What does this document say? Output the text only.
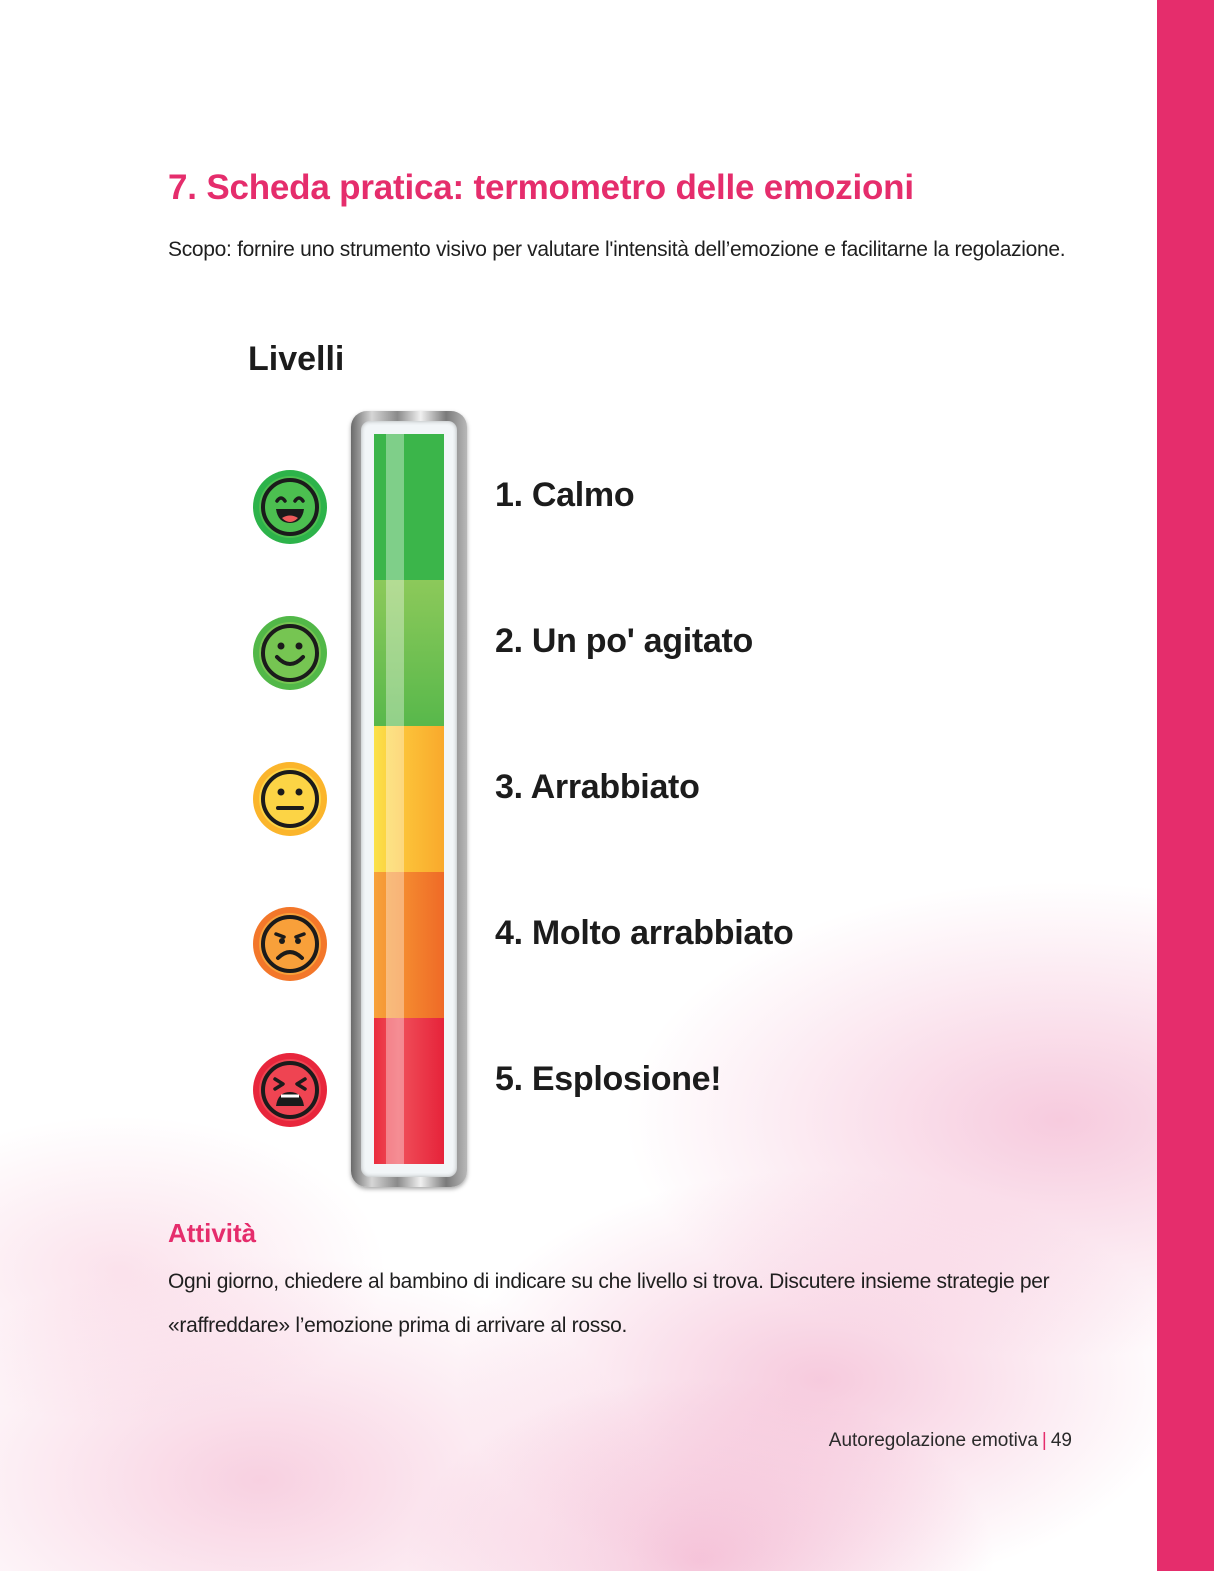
7. Scheda pratica: termometro delle emozioni

Scopo: fornire uno strumento visivo per valutare l'intensità dell’emozione e facilitarne la regolazione.

Livelli

1. Calmo

2. Un po' agitato

3. Arrabbiato

4. Molto arrabbiato

5. Esplosione!

Attività

Ogni giorno, chiedere al bambino di indicare su che livello si trova. Discutere insieme strategie per «raffreddare» l’emozione prima di arrivare al rosso.

Autoregolazione emotiva | 49
